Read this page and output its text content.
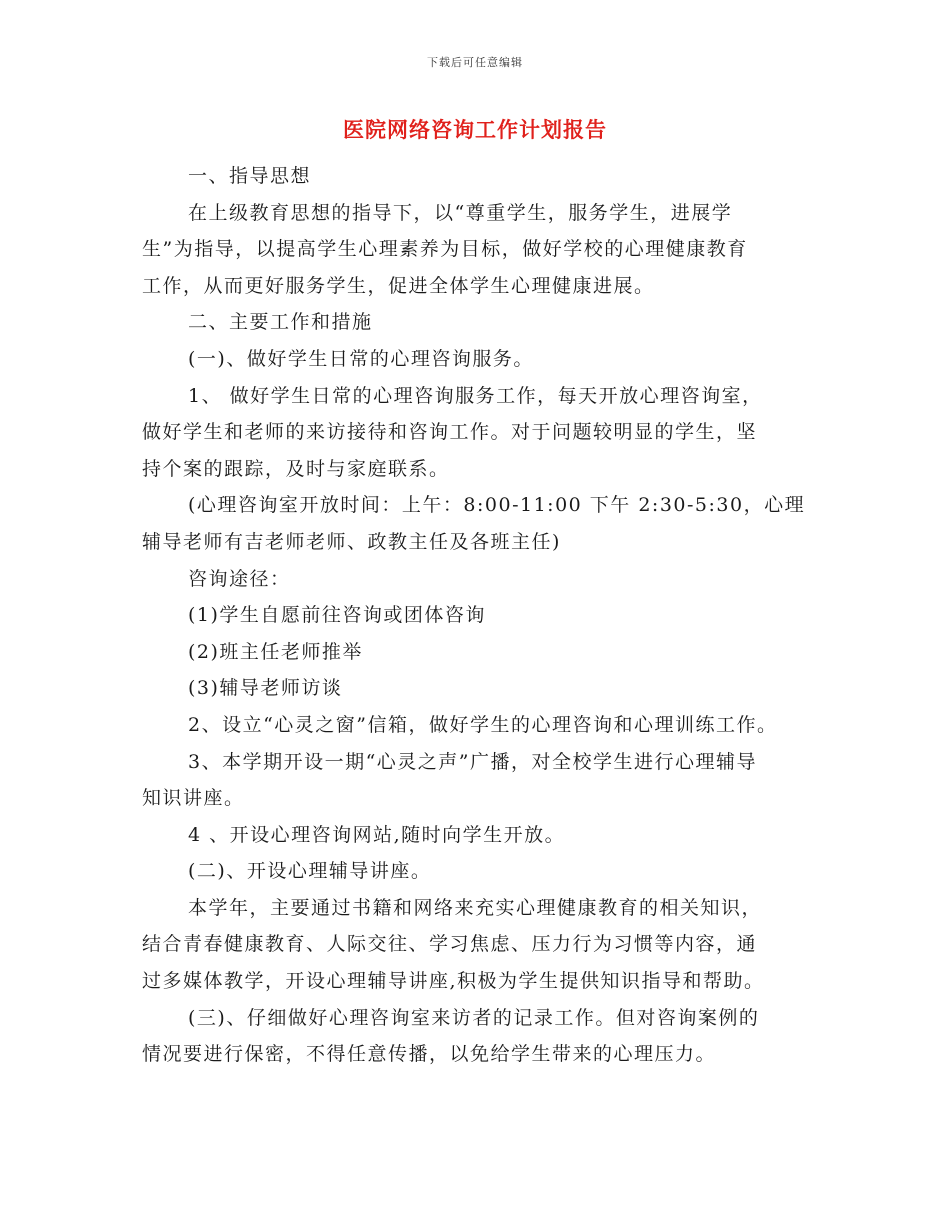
下载后可任意编辑
医院网络咨询工作计划报告

一、指导思想

在上级教育思想的指导下，以“尊重学生，服务学生，进展学
生”为指导，以提高学生心理素养为目标，做好学校的心理健康教育
工作，从而更好服务学生，促进全体学生心理健康进展。

二、主要工作和措施

(一)、做好学生日常的心理咨询服务。

1、 做好学生日常的心理咨询服务工作，每天开放心理咨询室，
做好学生和老师的来访接待和咨询工作。对于问题较明显的学生，坚
持个案的跟踪，及时与家庭联系。

(心理咨询室开放时间：上午：8:00-11:00 下午 2:30-5:30，心理
辅导老师有吉老师老师、政教主任及各班主任)

咨询途径：

(1)学生自愿前往咨询或团体咨询

(2)班主任老师推举

(3)辅导老师访谈

2、设立“心灵之窗”信箱，做好学生的心理咨询和心理训练工作。

3、本学期开设一期“心灵之声”广播，对全校学生进行心理辅导
知识讲座。

4 、开设心理咨询网站,随时向学生开放。

(二)、开设心理辅导讲座。

本学年，主要通过书籍和网络来充实心理健康教育的相关知识，
结合青春健康教育、人际交往、学习焦虑、压力行为习惯等内容，通
过多媒体教学，开设心理辅导讲座,积极为学生提供知识指导和帮助。

(三)、仔细做好心理咨询室来访者的记录工作。但对咨询案例的
情况要进行保密，不得任意传播，以免给学生带来的心理压力。
